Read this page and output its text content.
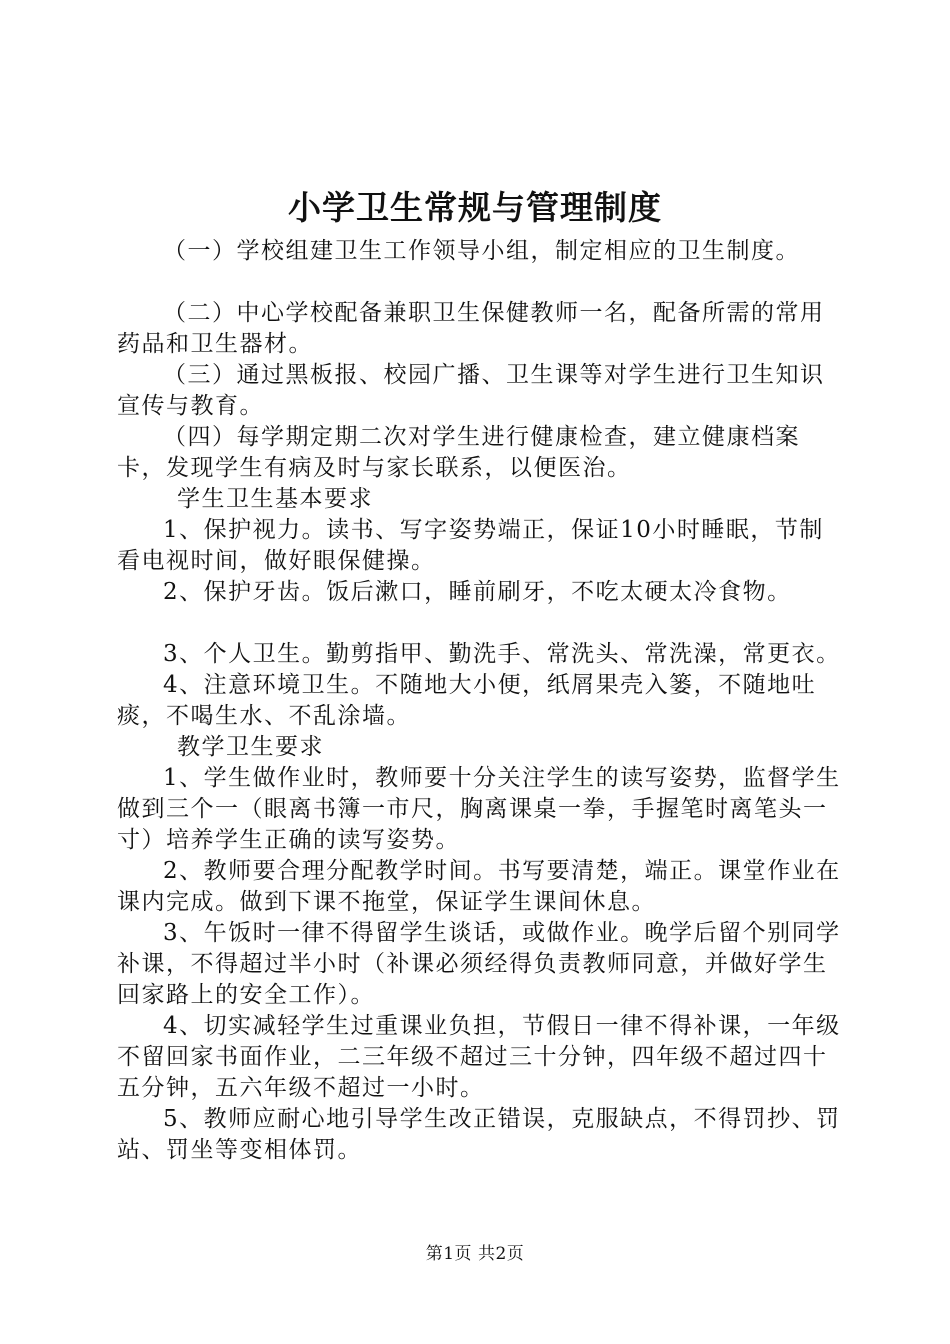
小学卫生常规与管理制度

（一）学校组建卫生工作领导小组，制定相应的卫生制度。

（二）中心学校配备兼职卫生保健教师一名，配备所需的常用药品和卫生器材。

（三）通过黑板报、校园广播、卫生课等对学生进行卫生知识宣传与教育。

（四）每学期定期二次对学生进行健康检查，建立健康档案卡，发现学生有病及时与家长联系，以便医治。

学生卫生基本要求

1、保护视力。读书、写字姿势端正，保证10小时睡眠，节制看电视时间，做好眼保健操。

2、保护牙齿。饭后漱口，睡前刷牙，不吃太硬太冷食物。

3、个人卫生。勤剪指甲、勤洗手、常洗头、常洗澡，常更衣。

4、注意环境卫生。不随地大小便，纸屑果壳入篓，不随地吐痰，不喝生水、不乱涂墙。

教学卫生要求

1、学生做作业时，教师要十分关注学生的读写姿势，监督学生做到三个一（眼离书簿一市尺，胸离课桌一拳，手握笔时离笔头一寸）培养学生正确的读写姿势。

2、教师要合理分配教学时间。书写要清楚，端正。课堂作业在课内完成。做到下课不拖堂，保证学生课间休息。

3、午饭时一律不得留学生谈话，或做作业。晚学后留个别同学补课，不得超过半小时（补课必须经得负责教师同意，并做好学生回家路上的安全工作）。

4、切实减轻学生过重课业负担，节假日一律不得补课，一年级不留回家书面作业，二三年级不超过三十分钟，四年级不超过四十五分钟，五六年级不超过一小时。

5、教师应耐心地引导学生改正错误，克服缺点，不得罚抄、罚站、罚坐等变相体罚。

第1页 共2页
